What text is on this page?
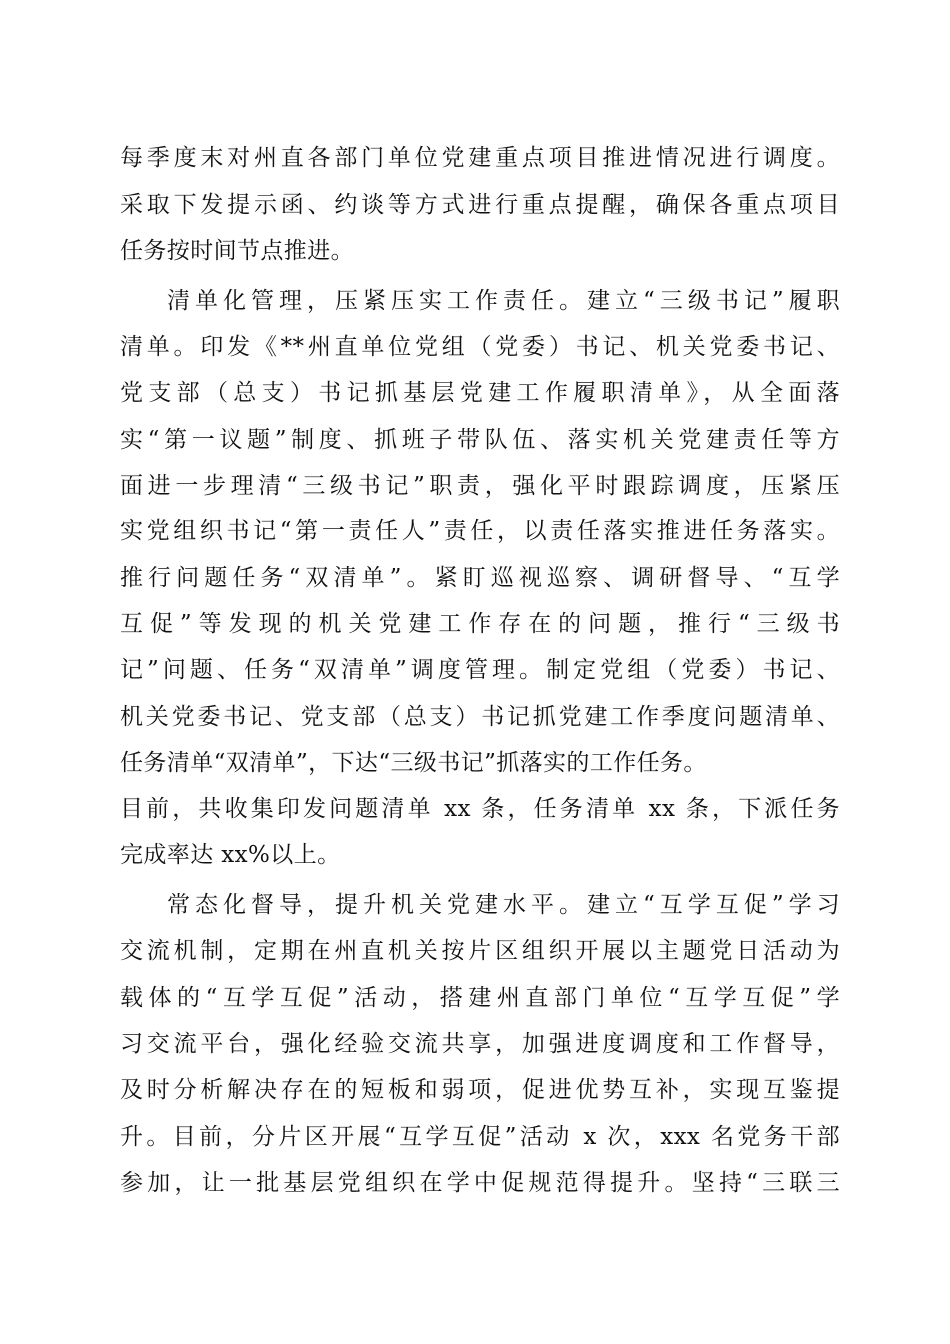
每季度末对州直各部门单位党建重点项目推进情况进行调度。
采取下发提示函、约谈等方式进行重点提醒，确保各重点项目
任务按时间节点推进。
清单化管理，压紧压实工作责任。建立“三级书记”履职
清单。印发《**州直单位党组（党委）书记、机关党委书记、
党支部（总支）书记抓基层党建工作履职清单》，从全面落
实“第一议题”制度、抓班子带队伍、落实机关党建责任等方
面进一步理清“三级书记”职责，强化平时跟踪调度，压紧压
实党组织书记“第一责任人”责任，以责任落实推进任务落实。
推行问题任务“双清单”。紧盯巡视巡察、调研督导、“互学
互促”等发现的机关党建工作存在的问题，推行“三级书
记”问题、任务“双清单”调度管理。制定党组（党委）书记、
机关党委书记、党支部（总支）书记抓党建工作季度问题清单、
任务清单“双清单”，下达“三级书记”抓落实的工作任务。
目前，共收集印发问题清单 xx 条，任务清单 xx 条，下派任务
完成率达 xx%以上。
常态化督导，提升机关党建水平。建立“互学互促”学习
交流机制，定期在州直机关按片区组织开展以主题党日活动为
载体的“互学互促”活动，搭建州直部门单位“互学互促”学
习交流平台，强化经验交流共享，加强进度调度和工作督导，
及时分析解决存在的短板和弱项，促进优势互补，实现互鉴提
升。目前，分片区开展“互学互促”活动 x 次，xxx 名党务干部
参加，让一批基层党组织在学中促规范得提升。坚持“三联三
